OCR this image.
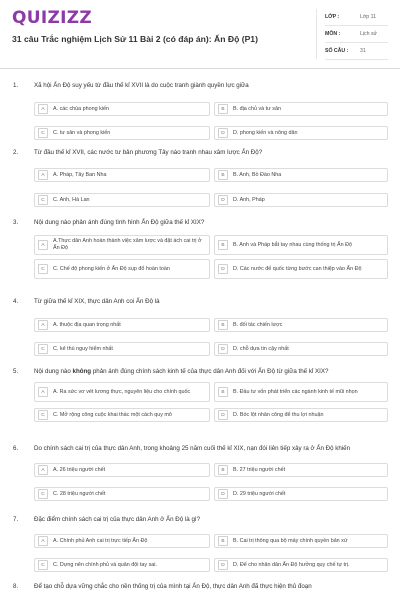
QUIZIZZ
31 câu Trắc nghiệm Lịch Sử 11 Bài 2 (có đáp án): Ấn Độ (P1)
LỚP :	Lớp 11
MÔN :	Lịch sử
SỐ CÂU : 31
1.	Xã hội Ấn Độ suy yếu từ đầu thế kỉ XVII là do cuộc tranh giành quyền lực giữa
A	A. các chúa phong kiến	B	B. địa chủ và tư sản
C	C. tư sản và phong kiến	D	D. phong kiến và nông dân
2.	Từ đầu thế kỉ XVII, các nước tư bản phương Tây nào tranh nhau xâm lược Ấn Độ?
A	A. Pháp, Tây Ban Nha	B	B. Anh, Bồ Đào Nha
C	C. Anh, Hà Lan	D	D. Anh, Pháp
3.	Nội dung nào phản ánh đúng tình hình Ấn Độ giữa thế kỉ XIX?
A
A.Thực dân Anh hoàn thành việc xâm lược và đặt ách cai trị ở Ấn Độ	B	B. Anh và Pháp bắt tay nhau cùng thống trị Ấn Độ
C	C. Chế độ phong kiến ở Ấn Độ sụp đổ hoàn toàn	D	D. Các nước đế quốc từng bước can thiệp vào Ấn Độ
4.	Từ giữa thế kỉ XIX, thực dân Anh coi Ấn Độ là
A	A. thuộc địa quan trọng nhất	B	B. đối tác chiến lược
C	C. kẻ thù nguy hiểm nhất	D	D. chỗ dựa tin cậy nhất
5.	Nội dung nào không phản ánh đúng chính sách kinh tế của thực dân Anh đối với Ấn Độ từ giữa thế kỉ XIX?
A	A. Ra sức vơ vét lương thực, nguyên liệu cho chính quốc	B	B. Đầu tư vốn phát triển các ngành kinh tế mũi nhọn
C	C. Mở rộng công cuộc khai thác một cách quy mô	D	D. Bóc lột nhân công để thu lợi nhuận
6.	Do chính sách cai trị của thực dân Anh, trong khoảng 25 năm cuối thế kỉ XIX, nạn đói liên tiếp xảy ra ở Ấn Độ khiến
A	A. 26 triệu người chết	B	B. 27 triệu người chết
C	C. 28 triệu người chết	D	D. 29 triệu người chết
7.	Đặc điểm chính sách cai trị của thực dân Anh ở Ấn Độ là gì?
A	A. Chính phủ Anh cai trị trực tiếp Ấn Độ	B	B. Cai trị thông qua bộ máy chính quyền bản xứ
C	C. Dựng nên chính phủ và quân đội tay sai.	D	D. Để cho nhân dân Ấn Độ hưởng quy chế tự trị.
8.	Để tạo chỗ dựa vững chắc cho nền thống trị của mình tại Ấn Độ, thực dân Anh đã thực hiện thủ đoạn
